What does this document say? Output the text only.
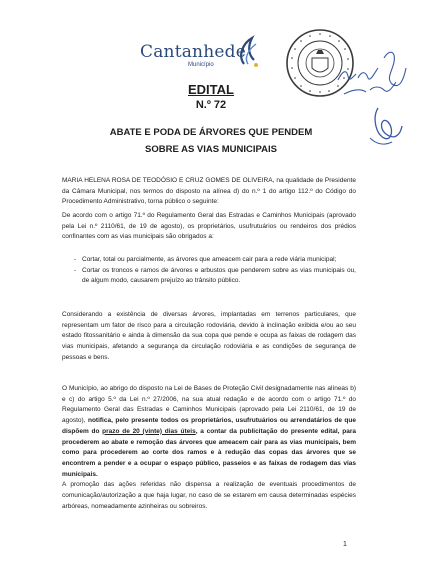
Cantanhede
Município
EDITAL
N.º 72
ABATE E PODA DE ÁRVORES QUE PENDEM
SOBRE AS VIAS MUNICIPAIS

MARIA HELENA ROSA DE TEODÓSIO E CRUZ GOMES DE OLIVEIRA, na qualidade de Presidente da Câmara Municipal, nos termos do disposto na alínea d) do n.º 1 do artigo 112.º do Código do Procedimento Administrativo, torna público o seguinte:

De acordo com o artigo 71.º do Regulamento Geral das Estradas e Caminhos Municipais (aprovado pela Lei n.º 2110/61, de 19 de agosto), os proprietários, usufrutuários ou rendeiros dos prédios confinantes com as vias municipais são obrigados a:

- Cortar, total ou parcialmente, as árvores que ameacem cair para a rede viária municipal;
- Cortar os troncos e ramos de árvores e arbustos que penderem sobre as vias municipais ou, de algum modo, causarem prejuízo ao trânsito público.

Considerando a existência de diversas árvores, implantadas em terrenos particulares, que representam um fator de risco para a circulação rodoviária, devido à inclinação exibida e/ou ao seu estado fitossanitário e ainda à dimensão da sua copa que pende e ocupa as faixas de rodagem das vias municipais, afetando a segurança da circulação rodoviária e as condições de segurança de pessoas e bens.

O Município, ao abrigo do disposto na Lei de Bases de Proteção Civil designadamente nas alíneas b) e c) do artigo 5.º da Lei n.º 27/2006, na sua atual redação e de acordo com o artigo 71.º do Regulamento Geral das Estradas e Caminhos Municipais (aprovado pela Lei 2110/61, de 19 de agosto), notifica, pelo presente todos os proprietários, usufrutuários ou arrendatários de que dispõem do prazo de 20 (vinte) dias úteis, a contar da publicitação do presente edital, para procederem ao abate e remoção das árvores que ameacem cair para as vias municipais, bem como para procederem ao corte dos ramos e à redução das copas das árvores que se encontrem a pender e a ocupar o espaço público, passeios e as faixas de rodagem das vias municipais.
A promoção das ações referidas não dispensa a realização de eventuais procedimentos de comunicação/autorização a que haja lugar, no caso de se estarem em causa determinadas espécies arbóreas, nomeadamente azinheiras ou sobreiros.
1
